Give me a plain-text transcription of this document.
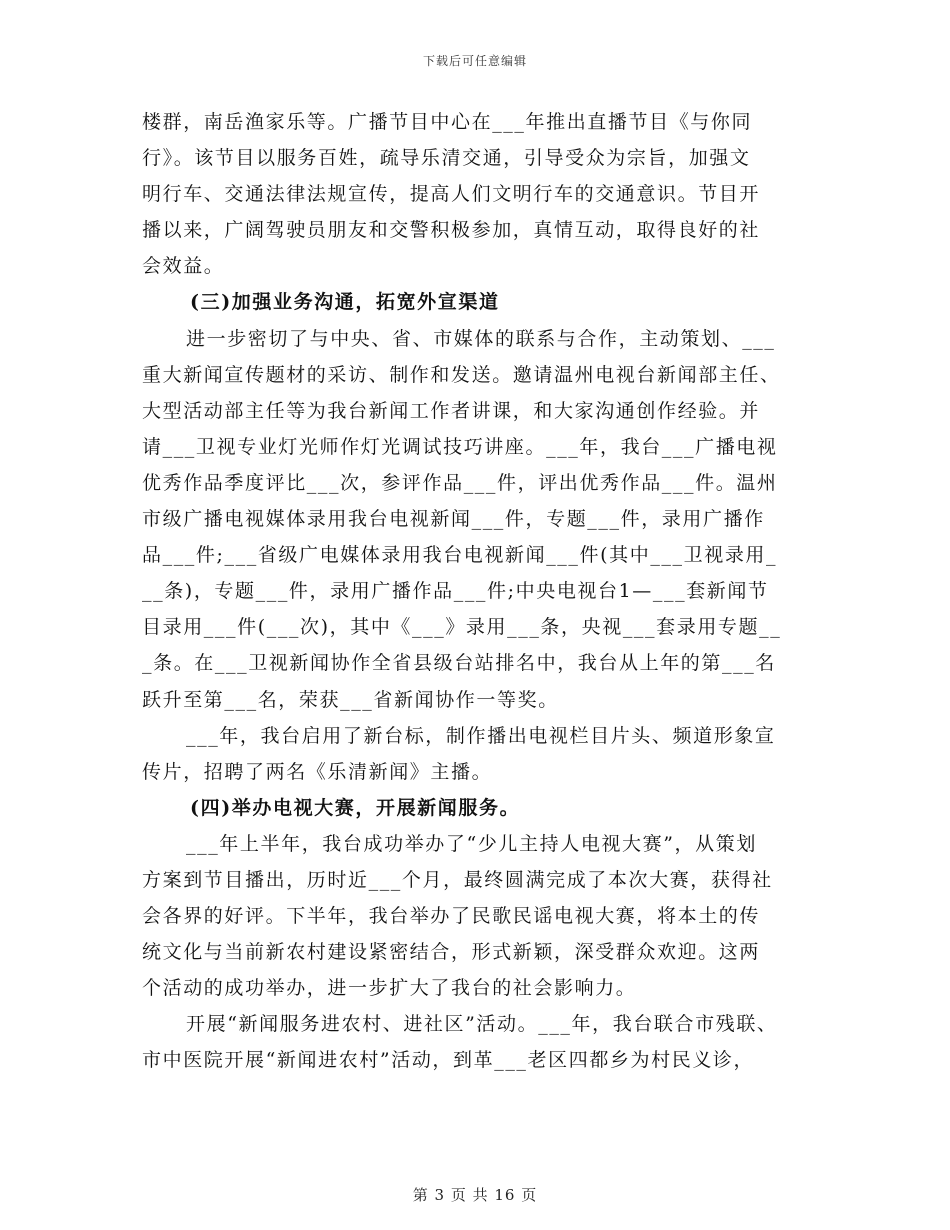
下载后可任意编辑
楼群，南岳渔家乐等。广播节目中心在___年推出直播节目《与你同
行》。该节目以服务百姓，疏导乐清交通，引导受众为宗旨，加强文
明行车、交通法律法规宣传，提高人们文明行车的交通意识。节目开
播以来，广阔驾驶员朋友和交警积极参加，真情互动，取得良好的社
会效益。
(三)加强业务沟通，拓宽外宣渠道
进一步密切了与中央、省、市媒体的联系与合作，主动策划、___
重大新闻宣传题材的采访、制作和发送。邀请温州电视台新闻部主任、
大型活动部主任等为我台新闻工作者讲课，和大家沟通创作经验。并
请___卫视专业灯光师作灯光调试技巧讲座。___年，我台___广播电视
优秀作品季度评比___次，参评作品___件，评出优秀作品___件。温州
市级广播电视媒体录用我台电视新闻___件，专题___件，录用广播作
品___件;___省级广电媒体录用我台电视新闻___件(其中___卫视录用_
__条)，专题___件，录用广播作品___件;中央电视台1—___套新闻节
目录用___件(___次)，其中《___》录用___条，央视___套录用专题__
_条。在___卫视新闻协作全省县级台站排名中，我台从上年的第___名
跃升至第___名，荣获___省新闻协作一等奖。
___年，我台启用了新台标，制作播出电视栏目片头、频道形象宣
传片，招聘了两名《乐清新闻》主播。
(四)举办电视大赛，开展新闻服务。
___年上半年，我台成功举办了“少儿主持人电视大赛”，从策划
方案到节目播出，历时近___个月，最终圆满完成了本次大赛，获得社
会各界的好评。下半年，我台举办了民歌民谣电视大赛，将本土的传
统文化与当前新农村建设紧密结合，形式新颖，深受群众欢迎。这两
个活动的成功举办，进一步扩大了我台的社会影响力。
开展“新闻服务进农村、进社区”活动。___年，我台联合市残联、
市中医院开展“新闻进农村”活动，到革___老区四都乡为村民义诊，
第 3 页 共 16 页
